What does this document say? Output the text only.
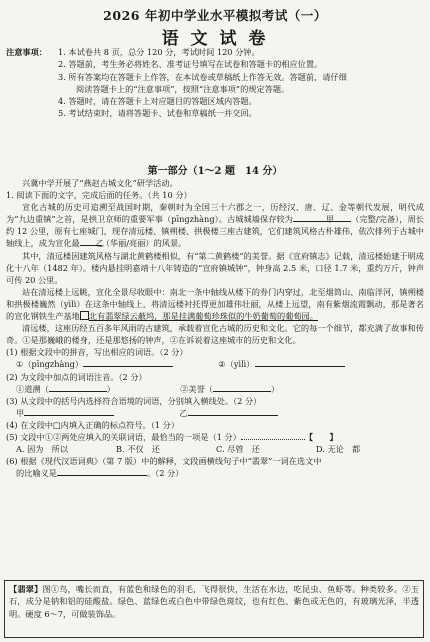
2026 年初中学业水平模拟考试（一）
语 文 试 卷
注意事项：	1. 本试卷共 8 页，总分 120 分，考试时间 120 分钟。
2. 答题前，考生务必将姓名、准考证号填写在试卷和答题卡的相应位置。
3. 所有答案均在答题卡上作答，在本试卷或草稿纸上作答无效。答题前，请仔细
阅读答题卡上的“注意事项”，按照“注意事项”的规定答题。
4. 答题时，请在答题卡上对应题目的答题区域内答题。
5. 考试结束时，请将答题卡、试卷和草稿纸一并交回。
第一部分（1～2 题　14 分）

兴冀中学开展了“燕赵古城文化”研学活动。

1. 阅读下面的文字，完成后面的任务。（共 10 分）

宣化古城的历史可追溯至战国时期，秦朝时为全国三十六郡之一，历经汉、唐、辽、金等朝代发展，明代成为“九边重镇”之首，是拱卫京师的重要军事（pīngzhàng）。古城城墙保存较为	甲 （完整/完备），周长约 12 公里，原有七座城门，现存清远楼、镇朔楼、拱极楼三座古建筑，它们建筑风格古朴雄伟，依次排列于古城中轴线上，成为宣化最 乙（华丽/亮丽）的风景。

其中，清远楼因建筑风格与湖北黄鹤楼相似，有“第二黄鹤楼”的美誉。据《宣府镇志》记载，清远楼始建于明成化十八年（1482 年）。楼内悬挂明嘉靖十八年铸造的“宣府镇城钟”，钟身高 2.5 米，口径 1.7 米，重约万斤，钟声可传 20 公里。

站在清远楼上远眺，宣化全景尽收眼中：南北一条中轴线从楼下的券门内穿过，北至烟筒山、南临洋河，镇朔楼和拱极楼巍然（yìlì）在这条中轴线上，将清远楼衬托得更加雄伟壮丽，从楼上远望，南有紫烟流霞飘动，那是著名的宣化钢铁生产基地 北有翡翠绿云蔽坞，那是挂满葡萄珍珠似的牛奶葡萄的葡萄园。

清远楼，这座历经五百多年风雨的古建筑，承载着宣化古城的历史和文化。它的每一个细节，都充满了故事和传奇。①是那巍峨的楼身，还是那悠扬的钟声，②在诉说着这座城市的历史和文化。

(1) 根据文段中的拼音，写出相应的词语。（2 分）

①（pīngzhàng）	②（yìlì）

(2) 为文段中加点的词语注音。（2 分）

①道溯（	）	②美誉（	）

(3) 从文段中的括号内选择符合语境的词语，分别填入横线处。（2 分）

甲	乙

(4) 在文段中□内填入正确的标点符号。（1 分）

(5) 文段中①②两处应填入的关联词语，最恰当的一项是（1 分）	【　　】

A. 因为　所以	B. 不仅　还	C. 尽管　还	D. 无论　都

(6) 根据《现代汉语词典》（第 7 版）中的解释，文段画横线句子中“翡翠”一词在选文中

的比喻义是	。（2 分）

【翡翠】图①鸟，嘴长而直，有蓝色和绿色的羽毛，飞得很快，生活在水边，吃昆虫、鱼虾等。种类较多。②玉石，成分是钠和铝的硅酸盐。绿色、蓝绿色或白色中带绿色斑纹，也有红色、紫色或无色的，有玻璃光泽，半透明。硬度 6～7，可做装饰品。
